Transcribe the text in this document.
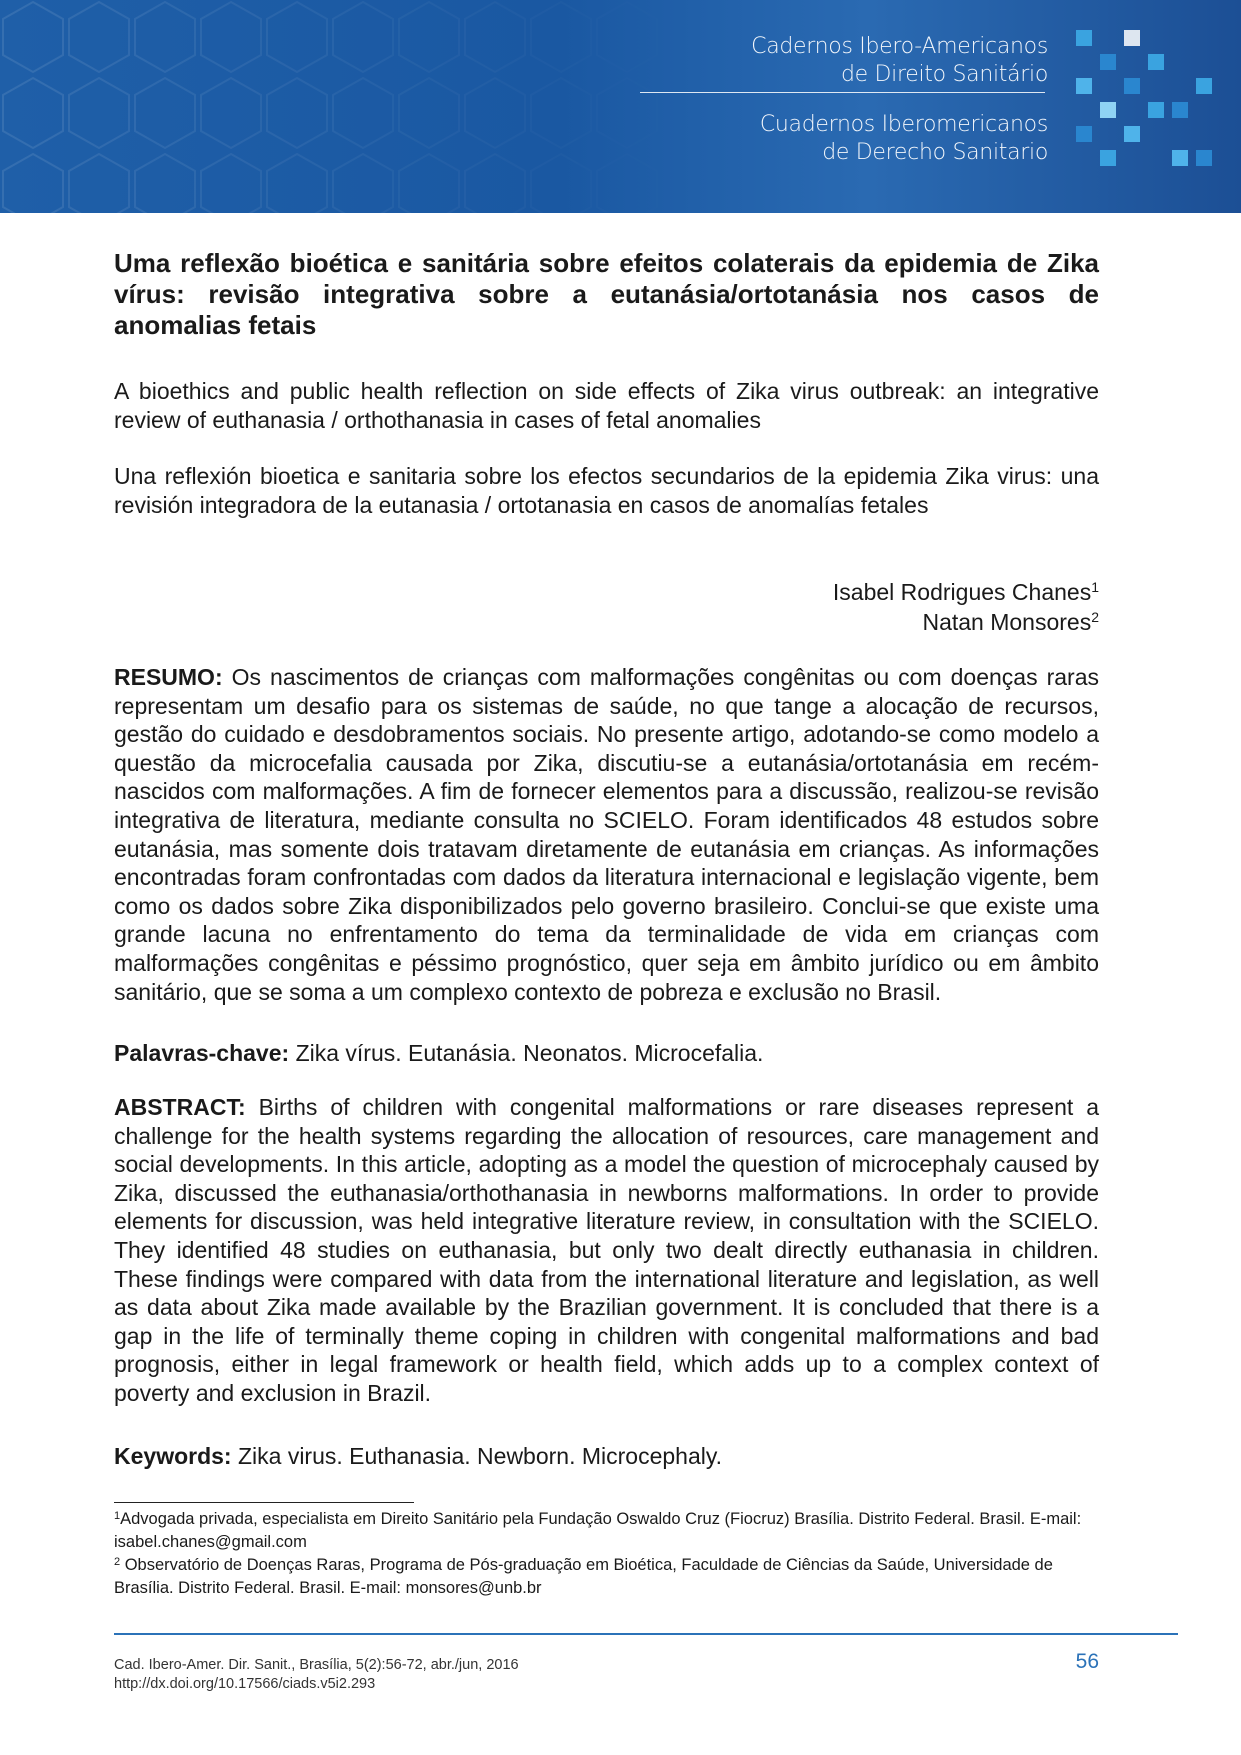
Cadernos Ibero-Americanos
de Direito Sanitário
Cuadernos Iberomericanos
de Derecho Sanitario
Uma reflexão bioética e sanitária sobre efeitos colaterais da epidemia de Zika vírus: revisão integrativa sobre a eutanásia/ortotanásia nos casos de anomalias fetais
A bioethics and public health reflection on side effects of Zika virus outbreak: an integrative review of euthanasia / orthothanasia in cases of fetal anomalies
Una reflexión bioetica e sanitaria sobre los efectos secundarios de la epidemia Zika virus: una revisión integradora de la eutanasia / ortotanasia en casos de anomalías fetales
Isabel Rodrigues Chanes$^1$
Natan Monsores$^2$

RESUMO: Os nascimentos de crianças com malformações congênitas ou com doenças raras representam um desafio para os sistemas de saúde, no que tange a alocação de recursos, gestão do cuidado e desdobramentos sociais. No presente artigo, adotando-se como modelo a questão da microcefalia causada por Zika, discutiu-se a eutanásia/ortotanásia em recém-nascidos com malformações. A fim de fornecer elementos para a discussão, realizou-se revisão integrativa de literatura, mediante consulta no SCIELO. Foram identificados 48 estudos sobre eutanásia, mas somente dois tratavam diretamente de eutanásia em crianças. As informações encontradas foram confrontadas com dados da literatura internacional e legislação vigente, bem como os dados sobre Zika disponibilizados pelo governo brasileiro. Conclui-se que existe uma grande lacuna no enfrentamento do tema da terminalidade de vida em crianças com malformações congênitas e péssimo prognóstico, quer seja em âmbito jurídico ou em âmbito sanitário, que se soma a um complexo contexto de pobreza e exclusão no Brasil.

Palavras-chave: Zika vírus. Eutanásia. Neonatos. Microcefalia.

ABSTRACT: Births of children with congenital malformations or rare diseases represent a challenge for the health systems regarding the allocation of resources, care management and social developments. In this article, adopting as a model the question of microcephaly caused by Zika, discussed the euthanasia/orthothanasia in newborns malformations. In order to provide elements for discussion, was held integrative literature review, in consultation with the SCIELO. They identified 48 studies on euthanasia, but only two dealt directly euthanasia in children. These findings were compared with data from the international literature and legislation, as well as data about Zika made available by the Brazilian government. It is concluded that there is a gap in the life of terminally theme coping in children with congenital malformations and bad prognosis, either in legal framework or health field, which adds up to a complex context of poverty and exclusion in Brazil.

Keywords: Zika virus. Euthanasia. Newborn. Microcephaly.

$^1$Advogada privada, especialista em Direito Sanitário pela Fundação Oswaldo Cruz (Fiocruz) Brasília. Distrito Federal. Brasil. E-mail: isabel.chanes@gmail.com

$^2$ Observatório de Doenças Raras, Programa de Pós-graduação em Bioética, Faculdade de Ciências da Saúde, Universidade de Brasília. Distrito Federal. Brasil. E-mail: monsores@unb.br

Cad. Ibero-Amer. Dir. Sanit., Brasília, 5(2):56-72, abr./jun, 2016
http://dx.doi.org/10.17566/ciads.v5i2.293
56
